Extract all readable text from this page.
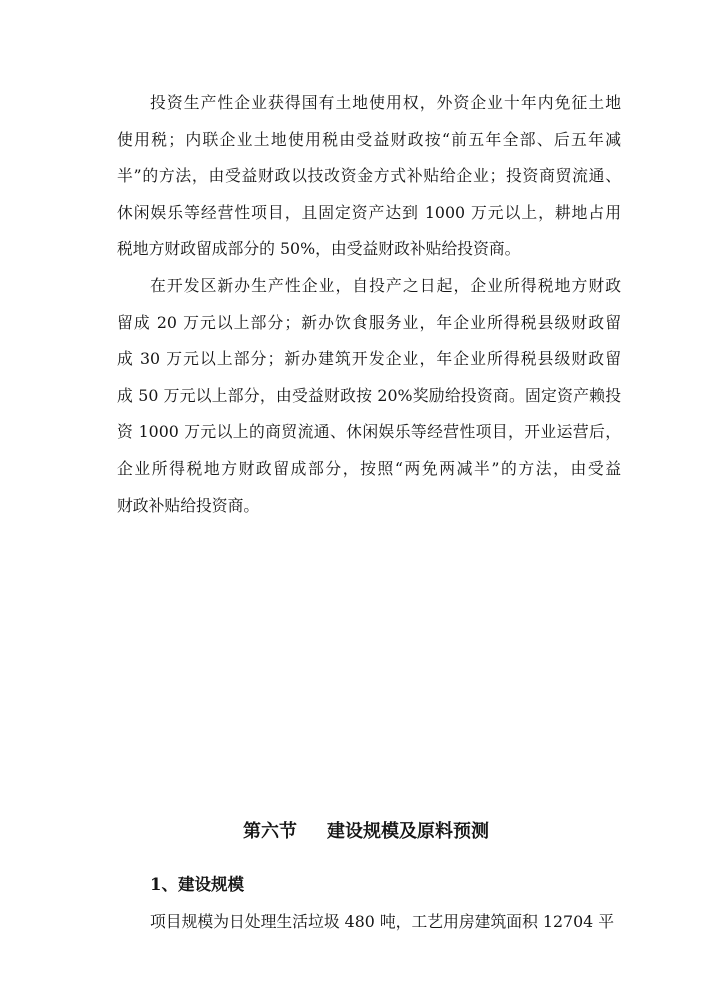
投资生产性企业获得国有土地使用权，外资企业十年内免征土地
使用税；内联企业土地使用税由受益财政按“前五年全部、后五年减
半”的方法，由受益财政以技改资金方式补贴给企业；投资商贸流通、
休闲娱乐等经营性项目，且固定资产达到 1000 万元以上，耕地占用
税地方财政留成部分的 50%，由受益财政补贴给投资商。
在开发区新办生产性企业，自投产之日起，企业所得税地方财政
留成 20 万元以上部分；新办饮食服务业，年企业所得税县级财政留
成 30 万元以上部分；新办建筑开发企业，年企业所得税县级财政留
成 50 万元以上部分，由受益财政按 20%奖励给投资商。固定资产赖投
资 1000 万元以上的商贸流通、休闲娱乐等经营性项目，开业运营后，
企业所得税地方财政留成部分，按照“两免两减半”的方法，由受益
财政补贴给投资商。
第六节 建设规模及原料预测
1、建设规模
项目规模为日处理生活垃圾 480 吨，工艺用房建筑面积 12704 平
